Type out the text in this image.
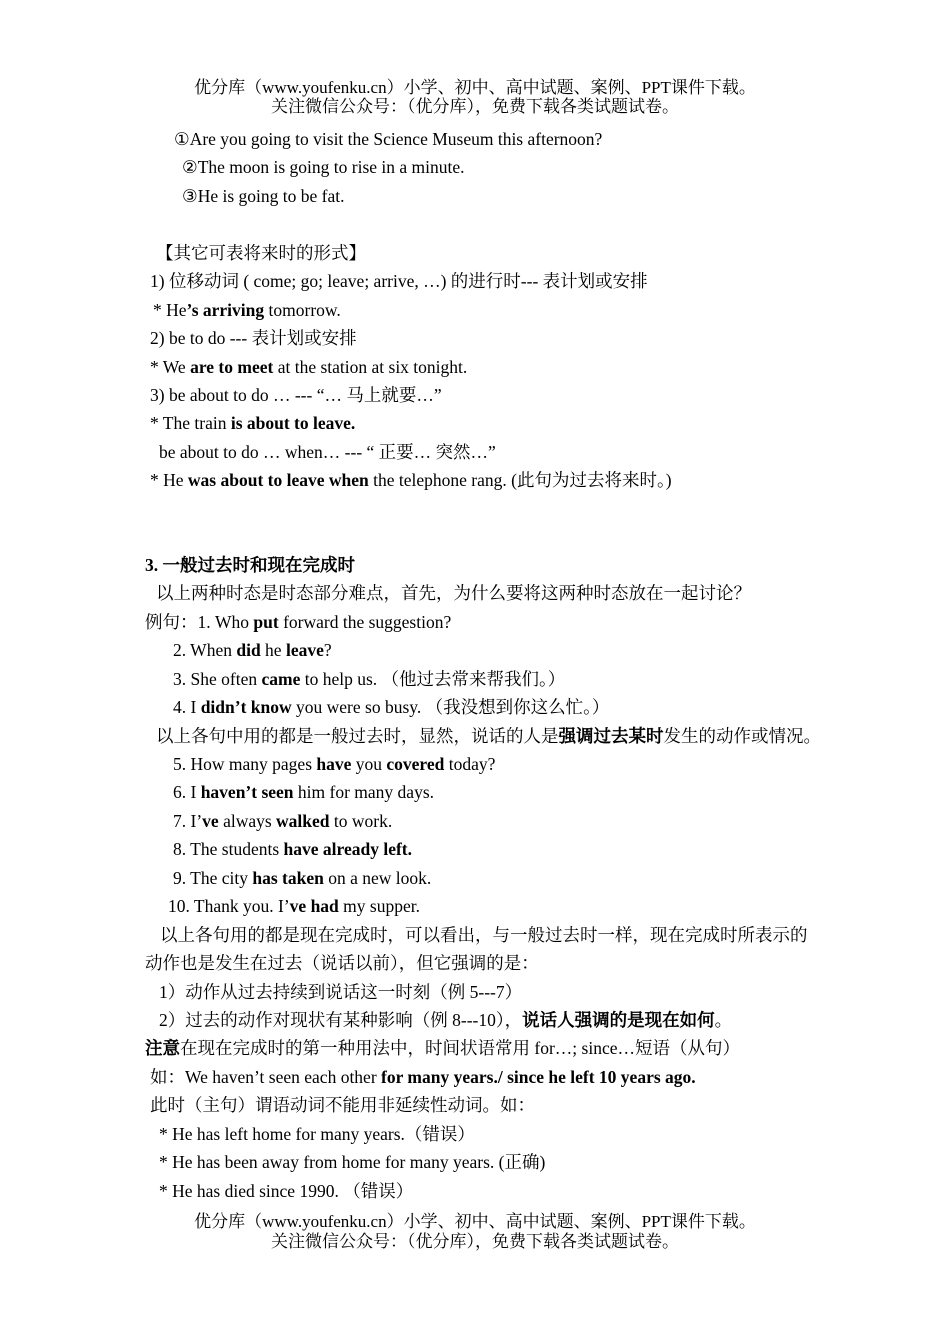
优分库（www.youfenku.cn）小学、初中、高中试题、案例、PPT课件下载。
关注微信公众号：（优分库），免费下载各类试题试卷。
①Are you going to visit the Science Museum this afternoon?
②The moon is going to rise in a minute.
③He is going to be fat.
【其它可表将来时的形式】
1) 位移动词 ( come; go; leave; arrive, …) 的进行时--- 表计划或安排
* He’s arriving tomorrow.
2) be to do --- 表计划或安排
* We are to meet at the station at six tonight.
3) be about to do … --- “… 马上就要…”
* The train is about to leave.
be about to do … when… --- “ 正要… 突然…”
* He was about to leave when the telephone rang. (此句为过去将来时。)
3. 一般过去时和现在完成时
以上两种时态是时态部分难点，首先，为什么要将这两种时态放在一起讨论？
例句：1. Who put forward the suggestion?
2. When did he leave?
3. She often came to help us. （他过去常来帮我们。）
4. I didn’t know you were so busy. （我没想到你这么忙。）
以上各句中用的都是一般过去时，显然，说话的人是强调过去某时发生的动作或情况。
5. How many pages have you covered today?
6. I haven’t seen him for many days.
7. I’ve always walked to work.
8. The students have already left.
9. The city has taken on a new look.
10. Thank you. I’ve had my supper.
以上各句用的都是现在完成时，可以看出，与一般过去时一样，现在完成时所表示的
动作也是发生在过去（说话以前），但它强调的是：
1）动作从过去持续到说话这一时刻（例 5---7）
2）过去的动作对现状有某种影响（例 8---10），说话人强调的是现在如何。
注意在现在完成时的第一种用法中，时间状语常用 for…; since…短语（从句）
如：We haven’t seen each other for many years./ since he left 10 years ago.
此时（主句）谓语动词不能用非延续性动词。如：
* He has left home for many years.（错误）
* He has been away from home for many years. (正确)
* He has died since 1990. （错误）
优分库（www.youfenku.cn）小学、初中、高中试题、案例、PPT课件下载。
关注微信公众号：（优分库），免费下载各类试题试卷。
